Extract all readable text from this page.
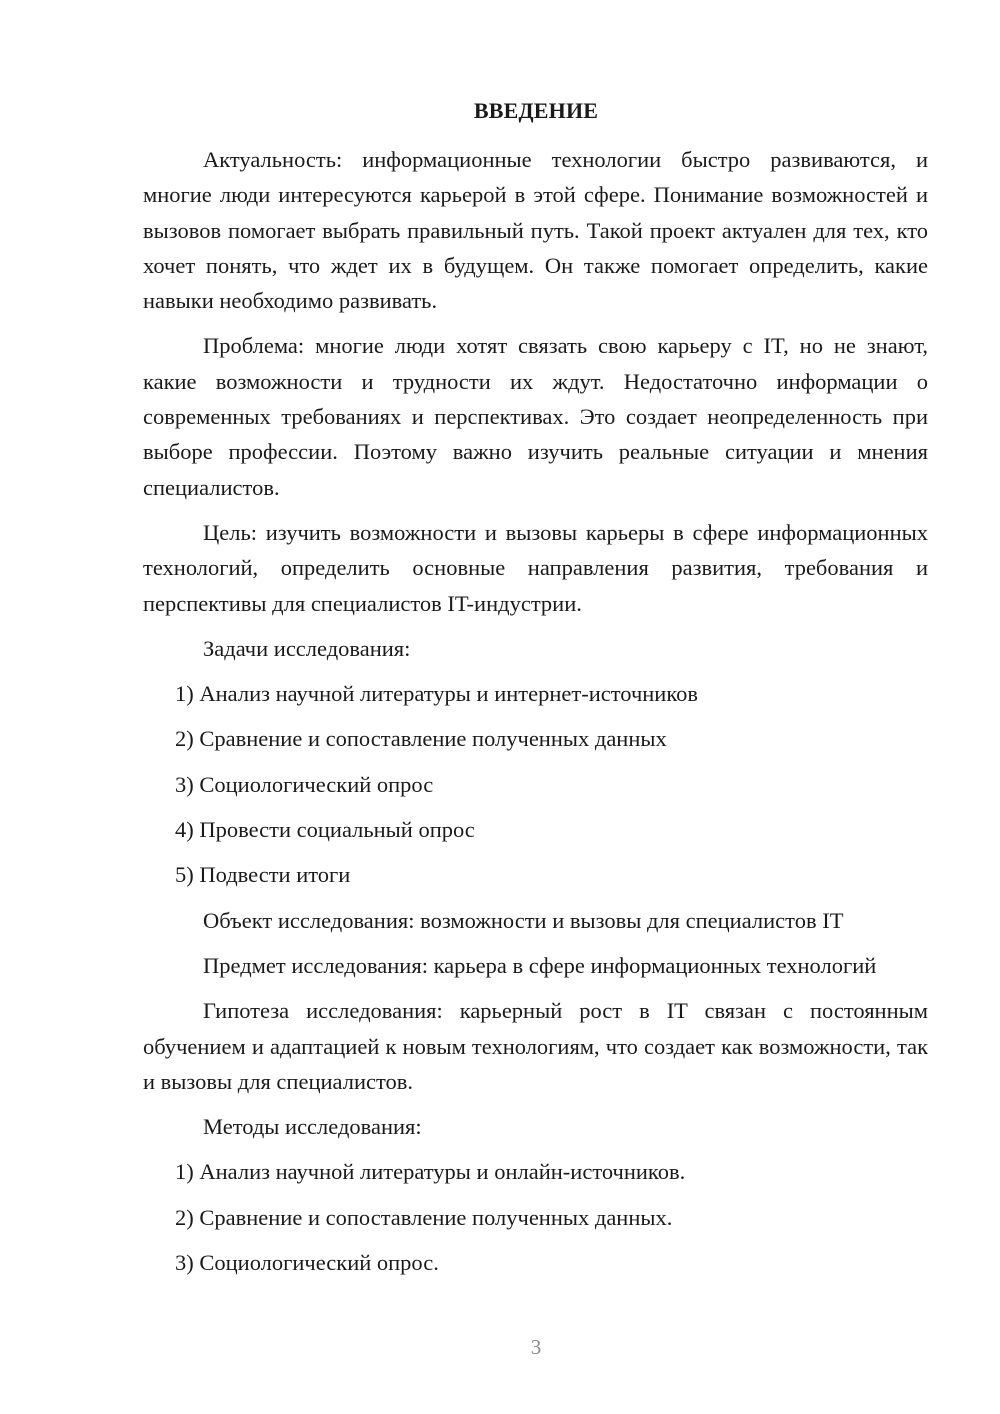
ВВЕДЕНИЕ

Актуальность: информационные технологии быстро развиваются, и многие люди интересуются карьерой в этой сфере. Понимание возможностей и вызовов помогает выбрать правильный путь. Такой проект актуален для тех, кто хочет понять, что ждет их в будущем. Он также помогает определить, какие навыки необходимо развивать.

Проблема: многие люди хотят связать свою карьеру с IT, но не знают, какие возможности и трудности их ждут. Недостаточно информации о современных требованиях и перспективах. Это создает неопределенность при выборе профессии. Поэтому важно изучить реальные ситуации и мнения специалистов.

Цель: изучить возможности и вызовы карьеры в сфере информационных технологий, определить основные направления развития, требования и перспективы для специалистов IT-индустрии.

Задачи исследования:

1) Анализ научной литературы и интернет-источников

2) Сравнение и сопоставление полученных данных

3) Социологический опрос

4) Провести социальный опрос

5) Подвести итоги

Объект исследования: возможности и вызовы для специалистов IT

Предмет исследования: карьера в сфере информационных технологий

Гипотеза исследования: карьерный рост в IT связан с постоянным обучением и адаптацией к новым технологиям, что создает как возможности, так и вызовы для специалистов.

Методы исследования:

1) Анализ научной литературы и онлайн-источников.

2) Сравнение и сопоставление полученных данных.

3) Социологический опрос.

3
